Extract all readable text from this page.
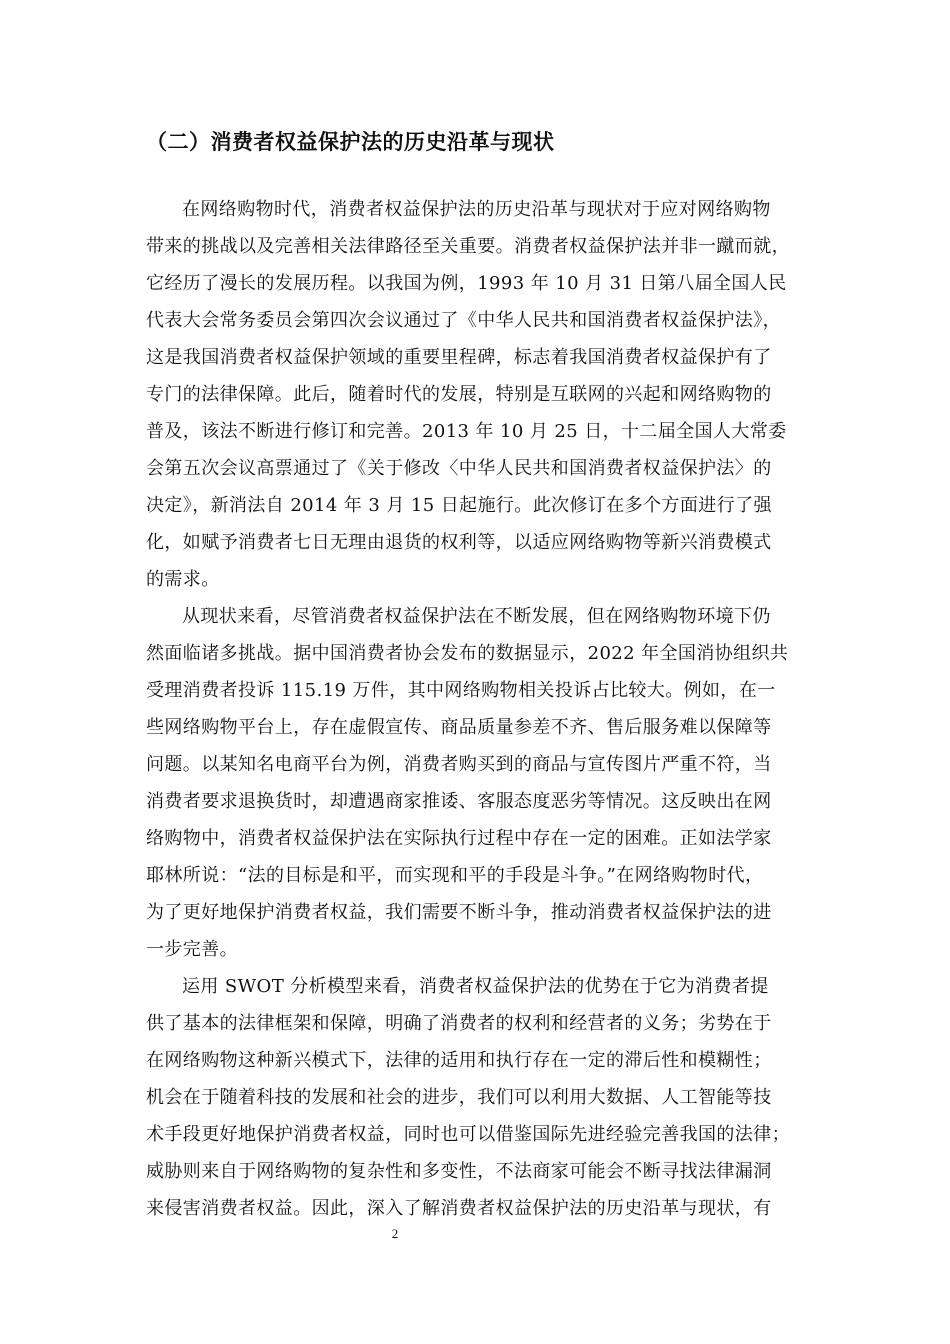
（二）消费者权益保护法的历史沿革与现状
在网络购物时代，消费者权益保护法的历史沿革与现状对于应对网络购物
带来的挑战以及完善相关法律路径至关重要。消费者权益保护法并非一蹴而就，
它经历了漫长的发展历程。以我国为例，1993 年 10 月 31 日第八届全国人民
代表大会常务委员会第四次会议通过了《中华人民共和国消费者权益保护法》，
这是我国消费者权益保护领域的重要里程碑，标志着我国消费者权益保护有了
专门的法律保障。此后，随着时代的发展，特别是互联网的兴起和网络购物的
普及，该法不断进行修订和完善。2013 年 10 月 25 日，十二届全国人大常委
会第五次会议高票通过了《关于修改〈中华人民共和国消费者权益保护法〉的
决定》，新消法自 2014 年 3 月 15 日起施行。此次修订在多个方面进行了强
化，如赋予消费者七日无理由退货的权利等，以适应网络购物等新兴消费模式
的需求。
从现状来看，尽管消费者权益保护法在不断发展，但在网络购物环境下仍
然面临诸多挑战。据中国消费者协会发布的数据显示，2022 年全国消协组织共
受理消费者投诉 115.19 万件，其中网络购物相关投诉占比较大。例如，在一
些网络购物平台上，存在虚假宣传、商品质量参差不齐、售后服务难以保障等
问题。以某知名电商平台为例，消费者购买到的商品与宣传图片严重不符，当
消费者要求退换货时，却遭遇商家推诿、客服态度恶劣等情况。这反映出在网
络购物中，消费者权益保护法在实际执行过程中存在一定的困难。正如法学家
耶林所说：“法的目标是和平，而实现和平的手段是斗争。”在网络购物时代，
为了更好地保护消费者权益，我们需要不断斗争，推动消费者权益保护法的进
一步完善。
运用 SWOT 分析模型来看，消费者权益保护法的优势在于它为消费者提
供了基本的法律框架和保障，明确了消费者的权利和经营者的义务；劣势在于
在网络购物这种新兴模式下，法律的适用和执行存在一定的滞后性和模糊性；
机会在于随着科技的发展和社会的进步，我们可以利用大数据、人工智能等技
术手段更好地保护消费者权益，同时也可以借鉴国际先进经验完善我国的法律；
威胁则来自于网络购物的复杂性和多变性，不法商家可能会不断寻找法律漏洞
来侵害消费者权益。因此，深入了解消费者权益保护法的历史沿革与现状，有
2
